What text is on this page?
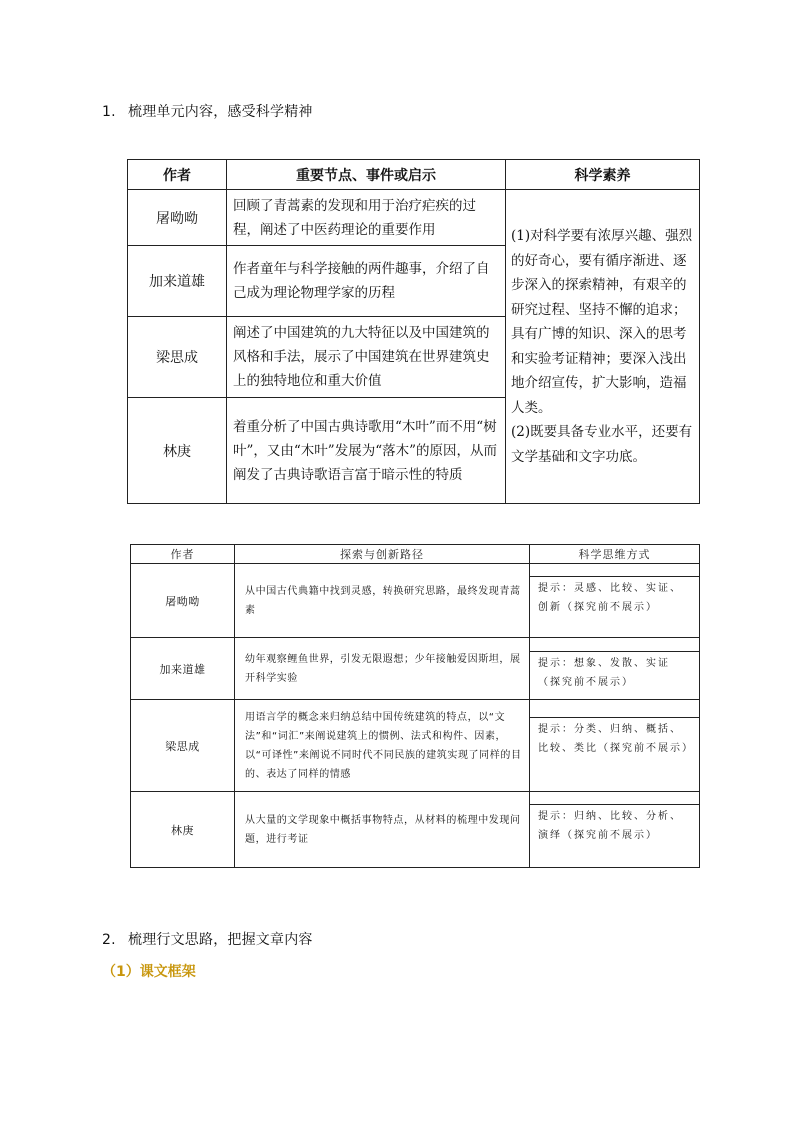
1. 梳理单元内容，感受科学精神
作者	重要节点、事件或启示	科学素养
屠呦呦	回顾了青蒿素的发现和用于治疗疟疾的过程，阐述了中医药理论的重要作用	(1)对科学要有浓厚兴趣、强烈的好奇心，要有循序渐进、逐步深入的探索精神，有艰辛的研究过程、坚持不懈的追求；具有广博的知识、深入的思考和实验考证精神；要深入浅出地介绍宣传，扩大影响，造福人类。
(2)既要具备专业水平，还要有文学基础和文字功底。

加来道雄	作者童年与科学接触的两件趣事，介绍了自己成为理论物理学家的历程	
梁思成	阐述了中国建筑的九大特征以及中国建筑的风格和手法，展示了中国建筑在世界建筑史上的独特地位和重大价值	
林庚	着重分析了中国古典诗歌用“木叶”而不用“树叶”，又由“木叶”发展为“落木”的原因，从而阐发了古典诗歌语言富于暗示性的特质	
作者	探索与创新路径	科学思维方式
屠呦呦	从中国古代典籍中找到灵感，转换研究思路，最终发现青蒿素	提示：灵感、比较、实证、创新（探究前不展示）

加来道雄	幼年观察鲤鱼世界，引发无限遐想；少年接触爱因斯坦，展开科学实验	提示：想象、发散、实证（探究前不展示）

梁思成	用语言学的概念来归纳总结中国传统建筑的特点，以“文法”和“词汇”来阐说建筑上的惯例、法式和构件、因素，以“可译性”来阐说不同时代不同民族的建筑实现了同样的目的、表达了同样的情感	提示：分类、归纳、概括、比较、类比（探究前不展示）

林庚	从大量的文学现象中概括事物特点，从材料的梳理中发现问题，进行考证	提示：归纳、比较、分析、演绎（探究前不展示）
2. 梳理行文思路，把握文章内容
（1）课文框架
